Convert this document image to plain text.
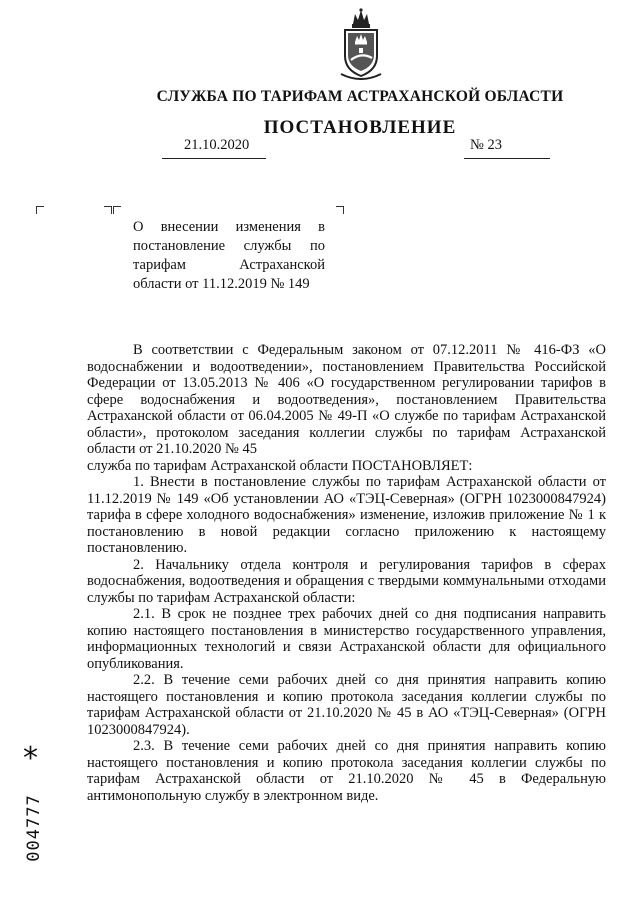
СЛУЖБА ПО ТАРИФАМ АСТРАХАНСКОЙ ОБЛАСТИ
ПОСТАНОВЛЕНИЕ
21.10.2020	№ 23
О внесении изменения в
постановление службы по
тарифам Астраханской
области от 11.12.2019 № 149

В соответствии с Федеральным законом от 07.12.2011 № 416-ФЗ «О водоснабжении и водоотведении», постановлением Правительства Российской Федерации от 13.05.2013 № 406 «О государственном регулировании тарифов в сфере водоснабжения и водоотведения», постановлением Правительства Астраханской области от 06.04.2005 № 49-П «О службе по тарифам Астраханской области», протоколом заседания коллегии службы по тарифам Астраханской области от 21.10.2020 № 45

служба по тарифам Астраханской области ПОСТАНОВЛЯЕТ:

1. Внести в постановление службы по тарифам Астраханской области от 11.12.2019 № 149 «Об установлении АО «ТЭЦ-Северная» (ОГРН 1023000847924) тарифа в сфере холодного водоснабжения» изменение, изложив приложение № 1 к постановлению в новой редакции согласно приложению к настоящему постановлению.

2. Начальнику отдела контроля и регулирования тарифов в сферах водоснабжения, водоотведения и обращения с твердыми коммунальными отходами службы по тарифам Астраханской области:

2.1. В срок не позднее трех рабочих дней со дня подписания направить копию настоящего постановления в министерство государственного управления, информационных технологий и связи Астраханской области для официального опубликования.

2.2. В течение семи рабочих дней со дня принятия направить копию настоящего постановления и копию протокола заседания коллегии службы по тарифам Астраханской области от 21.10.2020 № 45 в АО «ТЭЦ-Северная» (ОГРН 1023000847924).

2.3. В течение семи рабочих дней со дня принятия направить копию настоящего постановления и копию протокола заседания коллегии службы по тарифам Астраханской области от 21.10.2020 № 45 в Федеральную антимонопольную службу в электронном виде.

*
004777
